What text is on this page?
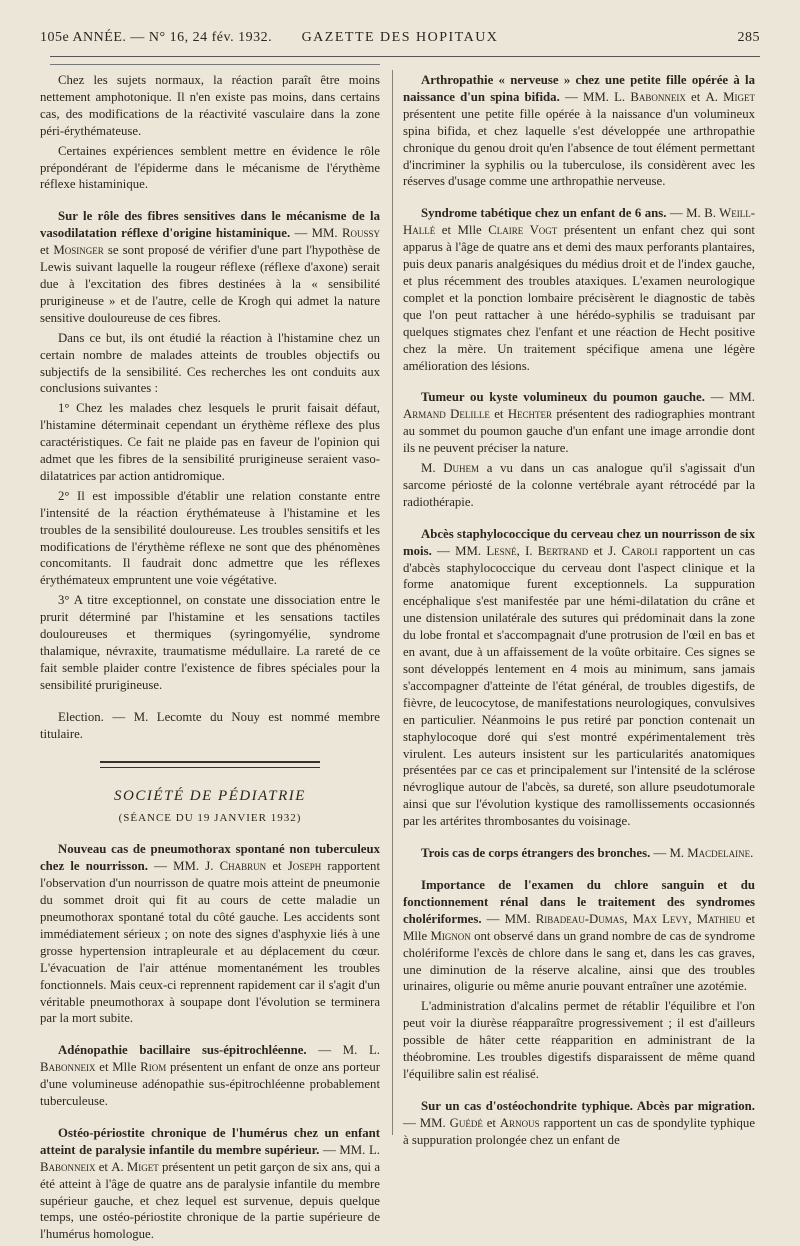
105e ANNÉE. — N° 16, 24 fév. 1932.	GAZETTE DES HOPITAUX	285

Chez les sujets normaux, la réaction paraît être moins nettement amphotonique. Il n'en existe pas moins, dans certains cas, des modifications de la réactivité vasculaire dans la zone péri-érythémateuse.

Certaines expériences semblent mettre en évidence le rôle prépondérant de l'épiderme dans le mécanisme de l'érythème réflexe histaminique.

Sur le rôle des fibres sensitives dans le mécanisme de la vasodilatation réflexe d'origine histaminique. — MM. Roussy et Mosinger se sont proposé de vérifier d'une part l'hypothèse de Lewis suivant laquelle la rougeur réflexe (réflexe d'axone) serait due à l'excitation des fibres destinées à la « sensibilité prurigineuse » et de l'autre, celle de Krogh qui admet la nature sensitive douloureuse de ces fibres.

Dans ce but, ils ont étudié la réaction à l'histamine chez un certain nombre de malades atteints de troubles objectifs ou subjectifs de la sensibilité. Ces recherches les ont conduits aux conclusions suivantes :

1° Chez les malades chez lesquels le prurit faisait défaut, l'histamine déterminait cependant un érythème réflexe des plus caractéristiques. Ce fait ne plaide pas en faveur de l'opinion qui admet que les fibres de la sensibilité prurigineuse seraient vaso-dilatatrices par action antidromique.

2° Il est impossible d'établir une relation constante entre l'intensité de la réaction érythémateuse à l'histamine et les troubles de la sensibilité douloureuse. Les troubles sensitifs et les modifications de l'érythème réflexe ne sont que des phénomènes concomitants. Il faudrait donc admettre que les réflexes érythémateux empruntent une voie végétative.

3° A titre exceptionnel, on constate une dissociation entre le prurit déterminé par l'histamine et les sensations tactiles douloureuses et thermiques (syringomyélie, syndrome thalamique, névraxite, traumatisme médullaire. La rareté de ce fait semble plaider contre l'existence de fibres spéciales pour la sensibilité prurigineuse.

Election. — M. Lecomte du Nouy est nommé membre titulaire.

SOCIÉTÉ DE PÉDIATRIE
(SÉANCE DU 19 JANVIER 1932)

Nouveau cas de pneumothorax spontané non tuberculeux chez le nourrisson. — MM. J. Chabrun et Joseph rapportent l'observation d'un nourrisson de quatre mois atteint de pneumonie du sommet droit qui fit au cours de cette maladie un pneumothorax spontané total du côté gauche. Les accidents sont immédiatement sérieux ; on note des signes d'asphyxie liés à une grosse hypertension intrapleurale et au déplacement du cœur. L'évacuation de l'air atténue momentanément les troubles fonctionnels. Mais ceux-ci reprennent rapidement car il s'agit d'un véritable pneumothorax à soupape dont l'évolution se terminera par la mort subite.

Adénopathie bacillaire sus-épitrochléenne. — M. L. Babonneix et Mlle Riom présentent un enfant de onze ans porteur d'une volumineuse adénopathie sus-épitrochléenne probablement tuberculeuse.

Ostéo-périostite chronique de l'humérus chez un enfant atteint de paralysie infantile du membre supérieur. — MM. L. Babonneix et A. Miget présentent un petit garçon de six ans, qui a été atteint à l'âge de quatre ans de paralysie infantile du membre supérieur gauche, et chez lequel est survenue, depuis quelque temps, une ostéo-périostite chronique de la partie supérieure de l'humérus homologue.

Arthropathie « nerveuse » chez une petite fille opérée à la naissance d'un spina bifida. — MM. L. Babonneix et A. Miget présentent une petite fille opérée à la naissance d'un volumineux spina bifida, et chez laquelle s'est développée une arthropathie chronique du genou droit qu'en l'absence de tout élément permettant d'incriminer la syphilis ou la tuberculose, ils considèrent avec les réserves d'usage comme une arthropathie nerveuse.

Syndrome tabétique chez un enfant de 6 ans. — M. B. Weill-Hallé et Mlle Claire Vogt présentent un enfant chez qui sont apparus à l'âge de quatre ans et demi des maux perforants plantaires, puis deux panaris analgésiques du médius droit et de l'index gauche, et plus récemment des troubles ataxiques. L'examen neurologique complet et la ponction lombaire précisèrent le diagnostic de tabès que l'on peut rattacher à une hérédo-syphilis se traduisant par quelques stigmates chez l'enfant et une réaction de Hecht positive chez la mère. Un traitement spécifique amena une légère amélioration des lésions.

Tumeur ou kyste volumineux du poumon gauche. — MM. Armand Delille et Hechter présentent des radiographies montrant au sommet du poumon gauche d'un enfant une image arrondie dont ils ne peuvent préciser la nature.

M. Duhem a vu dans un cas analogue qu'il s'agissait d'un sarcome périosté de la colonne vertébrale ayant rétrocédé par la radiothérapie.

Abcès staphylococcique du cerveau chez un nourrisson de six mois. — MM. Lesné, I. Bertrand et J. Caroli rapportent un cas d'abcès staphylococcique du cerveau dont l'aspect clinique et la forme anatomique furent exceptionnels. La suppuration encéphalique s'est manifestée par une hémi-dilatation du crâne et une distension unilatérale des sutures qui prédominait dans la zone du lobe frontal et s'accompagnait d'une protrusion de l'œil en bas et en avant, due à un affaissement de la voûte orbitaire. Ces signes se sont développés lentement en 4 mois au minimum, sans jamais s'accompagner d'atteinte de l'état général, de troubles digestifs, de fièvre, de leucocytose, de manifestations neurologiques, convulsives en particulier. Néanmoins le pus retiré par ponction contenait un staphylocoque doré qui s'est montré expérimentalement très virulent. Les auteurs insistent sur les particularités anatomiques présentées par ce cas et principalement sur l'intensité de la sclérose névroglique autour de l'abcès, sa dureté, son allure pseudotumorale ainsi que sur l'évolution kystique des ramollissements occasionnés par les artérites thrombosantes du voisinage.

Trois cas de corps étrangers des bronches. — M. Macdelaine.

Importance de l'examen du chlore sanguin et du fonctionnement rénal dans le traitement des syndromes cholériformes. — MM. Ribadeau-Dumas, Max Levy, Mathieu et Mlle Mignon ont observé dans un grand nombre de cas de syndrome cholériforme l'excès de chlore dans le sang et, dans les cas graves, une diminution de la réserve alcaline, ainsi que des troubles urinaires, oligurie ou même anurie pouvant entraîner une azotémie.

L'administration d'alcalins permet de rétablir l'équilibre et l'on peut voir la diurèse réapparaître progressivement ; il est d'ailleurs possible de hâter cette réapparition en administrant de la théobromine. Les troubles digestifs disparaissent de même quand l'équilibre salin est réalisé.

Sur un cas d'ostéochondrite typhique. Abcès par migration. — MM. Guédé et Arnous rapportent un cas de spondylite typhique à suppuration prolongée chez un enfant de
